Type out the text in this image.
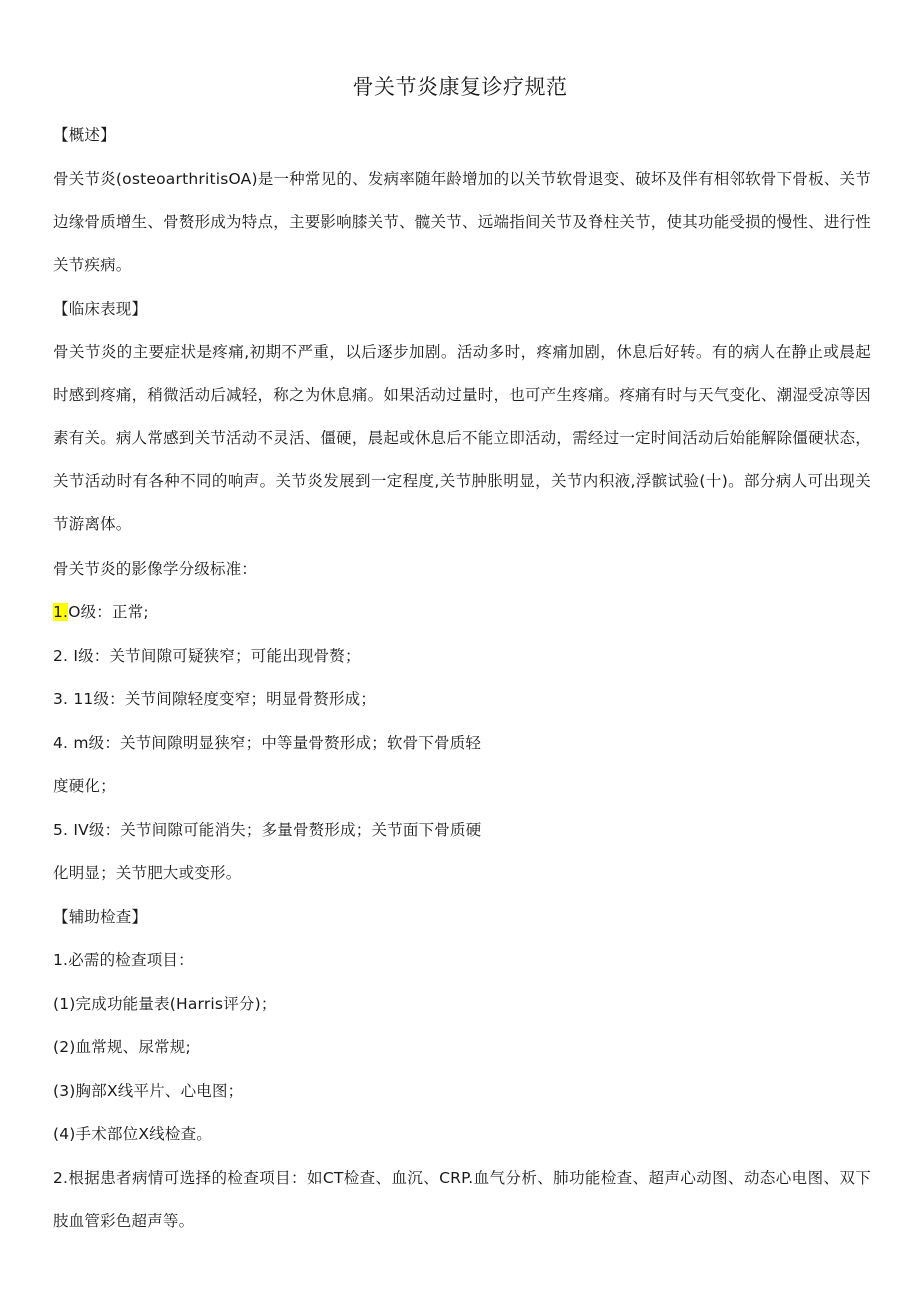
骨关节炎康复诊疗规范
【概述】

骨关节炎(osteoarthritisOA)是一种常见的、发病率随年龄增加的以关节软骨退变、破坏及伴有相邻软骨下骨板、关节边缘骨质增生、骨赘形成为特点，主要影响膝关节、髋关节、远端指间关节及脊柱关节，使其功能受损的慢性、进行性关节疾病。

【临床表现】

骨关节炎的主要症状是疼痛,初期不严重，以后逐步加剧。活动多时，疼痛加剧，休息后好转。有的病人在静止或晨起时感到疼痛，稍微活动后减轻，称之为休息痛。如果活动过量时，也可产生疼痛。疼痛有时与天气变化、潮湿受凉等因素有关。病人常感到关节活动不灵活、僵硬，晨起或休息后不能立即活动，需经过一定时间活动后始能解除僵硬状态，关节活动时有各种不同的响声。关节炎发展到一定程度,关节肿胀明显，关节内积液,浮髌试验(十)。部分病人可出现关节游离体。

骨关节炎的影像学分级标准：
1.O级：正常;
2. I级：关节间隙可疑狭窄；可能出现骨赘；
3. 11级：关节间隙轻度变窄；明显骨赘形成；
4. m级：关节间隙明显狭窄；中等量骨赘形成；软骨下骨质轻
度硬化；
5. IV级：关节间隙可能消失；多量骨赘形成；关节面下骨质硬
化明显；关节肥大或变形。
【辅助检查】
1.必需的检查项目：
(1)完成功能量表(Harris评分)；
(2)血常规、尿常规;
(3)胸部X线平片、心电图；
(4)手术部位X线检查。

2.根据患者病情可选择的检查项目：如CT检查、血沉、CRP.血气分析、肺功能检查、超声心动图、动态心电图、双下肢血管彩色超声等。
